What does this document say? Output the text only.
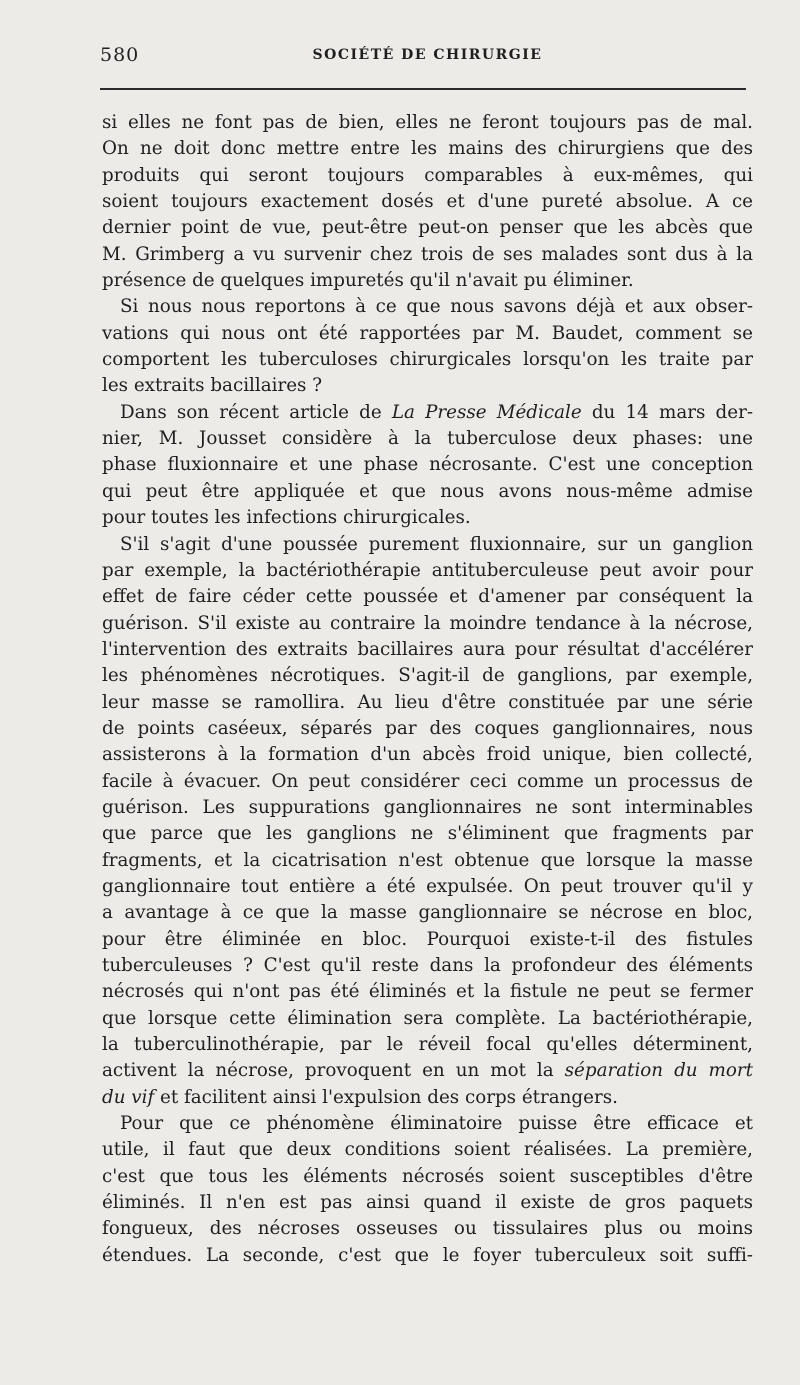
580	SOCIÉTÉ DE CHIRURGIE
si elles ne font pas de bien, elles ne feront toujours pas de mal.
On ne doit donc mettre entre les mains des chirurgiens que des
produits qui seront toujours comparables à eux-mêmes, qui
soient toujours exactement dosés et d'une pureté absolue. A ce
dernier point de vue, peut-être peut-on penser que les abcès que
M. Grimberg a vu survenir chez trois de ses malades sont dus à la
présence de quelques impuretés qu'il n'avait pu éliminer.
Si nous nous reportons à ce que nous savons déjà et aux obser-
vations qui nous ont été rapportées par M. Baudet, comment se
comportent les tuberculoses chirurgicales lorsqu'on les traite par
les extraits bacillaires ?
Dans son récent article de La Presse Médicale du 14 mars der-
nier, M. Jousset considère à la tuberculose deux phases: une
phase fluxionnaire et une phase nécrosante. C'est une conception
qui peut être appliquée et que nous avons nous-même admise
pour toutes les infections chirurgicales.
S'il s'agit d'une poussée purement fluxionnaire, sur un ganglion
par exemple, la bactériothérapie antituberculeuse peut avoir pour
effet de faire céder cette poussée et d'amener par conséquent la
guérison. S'il existe au contraire la moindre tendance à la nécrose,
l'intervention des extraits bacillaires aura pour résultat d'accélérer
les phénomènes nécrotiques. S'agit-il de ganglions, par exemple,
leur masse se ramollira. Au lieu d'être constituée par une série
de points caséeux, séparés par des coques ganglionnaires, nous
assisterons à la formation d'un abcès froid unique, bien collecté,
facile à évacuer. On peut considérer ceci comme un processus de
guérison. Les suppurations ganglionnaires ne sont interminables
que parce que les ganglions ne s'éliminent que fragments par
fragments, et la cicatrisation n'est obtenue que lorsque la masse
ganglionnaire tout entière a été expulsée. On peut trouver qu'il y
a avantage à ce que la masse ganglionnaire se nécrose en bloc,
pour être éliminée en bloc. Pourquoi existe-t-il des fistules
tuberculeuses ? C'est qu'il reste dans la profondeur des éléments
nécrosés qui n'ont pas été éliminés et la fistule ne peut se fermer
que lorsque cette élimination sera complète. La bactériothérapie,
la tuberculinothérapie, par le réveil focal qu'elles déterminent,
activent la nécrose, provoquent en un mot la séparation du mort
du vif et facilitent ainsi l'expulsion des corps étrangers.
Pour que ce phénomène éliminatoire puisse être efficace et
utile, il faut que deux conditions soient réalisées. La première,
c'est que tous les éléments nécrosés soient susceptibles d'être
éliminés. Il n'en est pas ainsi quand il existe de gros paquets
fongueux, des nécroses osseuses ou tissulaires plus ou moins
étendues. La seconde, c'est que le foyer tuberculeux soit suffi-
